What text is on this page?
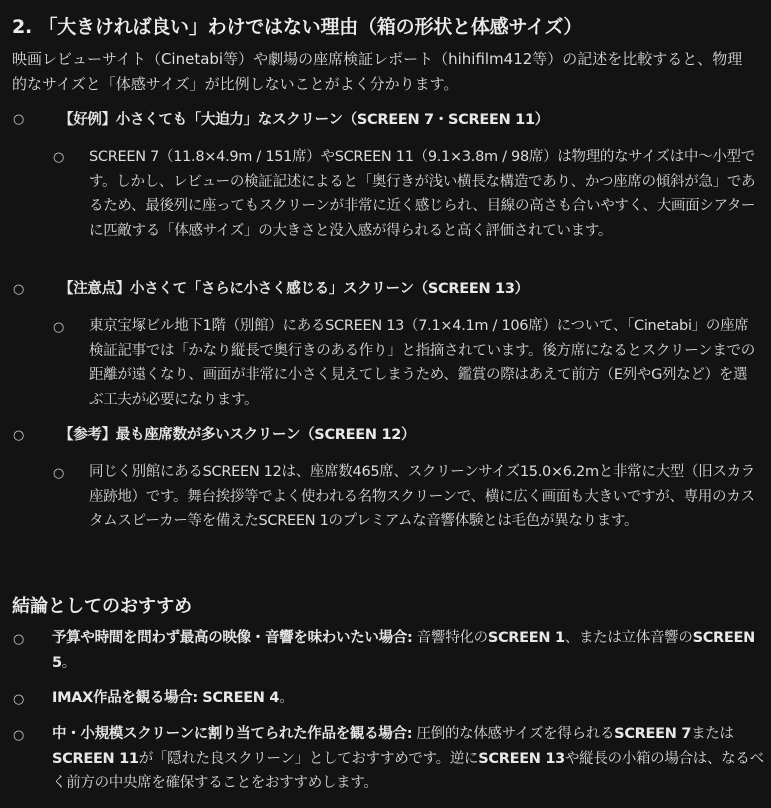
2. 「大きければ良い」わけではない理由（箱の形状と体感サイズ）
映画レビューサイト（Cinetabi等）や劇場の座席検証レポート（hihifilm412等）の記述を比較すると、物理的なサイズと「体感サイズ」が比例しないことがよく分かります。
○ 【好例】小さくても「大迫力」なスクリーン（SCREEN 7・SCREEN 11）
○ SCREEN 7（11.8×4.9m / 151席）やSCREEN 11（9.1×3.8m / 98席）は物理的なサイズは中〜小型です。しかし、レビューの検証記述によると「奥行きが浅い横長な構造であり、かつ座席の傾斜が急」であるため、最後列に座ってもスクリーンが非常に近く感じられ、目線の高さも合いやすく、大画面シアターに匹敵する「体感サイズ」の大きさと没入感が得られると高く評価されています。
○ 【注意点】小さくて「さらに小さく感じる」スクリーン（SCREEN 13）
○ 東京宝塚ビル地下1階（別館）にあるSCREEN 13（7.1×4.1m / 106席）について、「Cinetabi」の座席検証記事では「かなり縦長で奥行きのある作り」と指摘されています。後方席になるとスクリーンまでの距離が遠くなり、画面が非常に小さく見えてしまうため、鑑賞の際はあえて前方（E列やG列など）を選ぶ工夫が必要になります。
○ 【参考】最も座席数が多いスクリーン（SCREEN 12）
○ 同じく別館にあるSCREEN 12は、座席数465席、スクリーンサイズ15.0×6.2mと非常に大型（旧スカラ座跡地）です。舞台挨拶等でよく使われる名物スクリーンで、横に広く画面も大きいですが、専用のカスタムスピーカー等を備えたSCREEN 1のプレミアムな音響体験とは毛色が異なります。
結論としてのおすすめ
○ 予算や時間を問わず最高の映像・音響を味わいたい場合: 音響特化のSCREEN 1、または立体音響のSCREEN 5。
○ IMAX作品を観る場合: SCREEN 4。
○ 中・小規模スクリーンに割り当てられた作品を観る場合: 圧倒的な体感サイズを得られるSCREEN 7またはSCREEN 11が「隠れた良スクリーン」としておすすめです。逆にSCREEN 13や縦長の小箱の場合は、なるべく前方の中央席を確保することをおすすめします。
